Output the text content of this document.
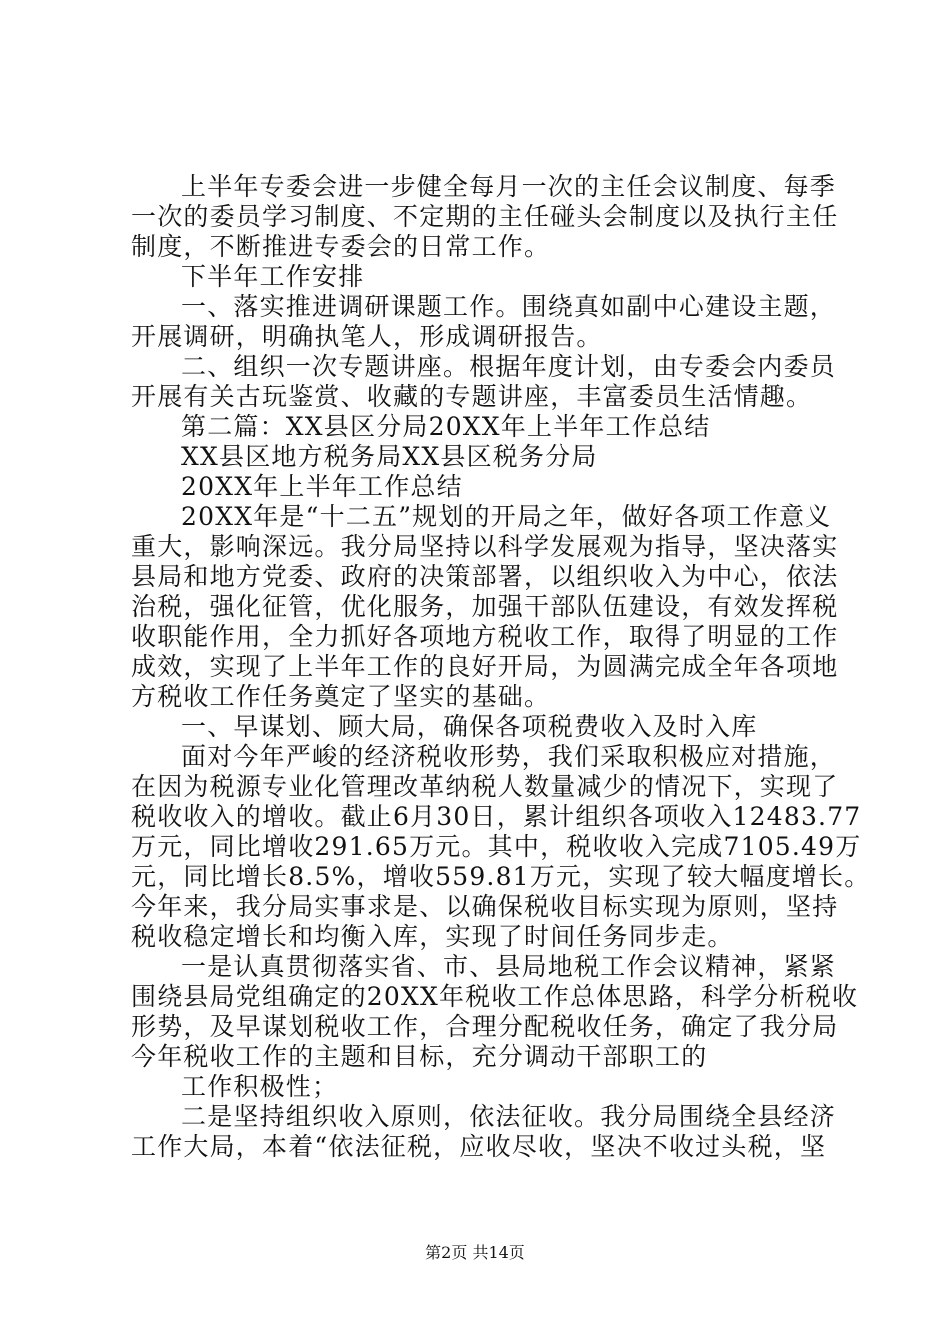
上半年专委会进一步健全每月一次的主任会议制度、每季
一次的委员学习制度、不定期的主任碰头会制度以及执行主任
制度，不断推进专委会的日常工作。
下半年工作安排
一、落实推进调研课题工作。围绕真如副中心建设主题，
开展调研，明确执笔人，形成调研报告。
二、组织一次专题讲座。根据年度计划，由专委会内委员
开展有关古玩鉴赏、收藏的专题讲座，丰富委员生活情趣。
第二篇：XX县区分局20XX年上半年工作总结
XX县区地方税务局XX县区税务分局
20XX年上半年工作总结
20XX年是“十二五”规划的开局之年，做好各项工作意义
重大，影响深远。我分局坚持以科学发展观为指导，坚决落实
县局和地方党委、政府的决策部署，以组织收入为中心，依法
治税，强化征管，优化服务，加强干部队伍建设，有效发挥税
收职能作用，全力抓好各项地方税收工作，取得了明显的工作
成效，实现了上半年工作的良好开局，为圆满完成全年各项地
方税收工作任务奠定了坚实的基础。
一、早谋划、顾大局，确保各项税费收入及时入库
面对今年严峻的经济税收形势，我们采取积极应对措施，
在因为税源专业化管理改革纳税人数量减少的情况下，实现了
税收收入的增收。截止6月30日，累计组织各项收入12483.77
万元，同比增收291.65万元。其中，税收收入完成7105.49万
元，同比增长8.5%，增收559.81万元，实现了较大幅度增长。
今年来，我分局实事求是、以确保税收目标实现为原则，坚持
税收稳定增长和均衡入库，实现了时间任务同步走。
一是认真贯彻落实省、市、县局地税工作会议精神，紧紧
围绕县局党组确定的20XX年税收工作总体思路，科学分析税收
形势，及早谋划税收工作，合理分配税收任务，确定了我分局
今年税收工作的主题和目标，充分调动干部职工的
工作积极性；
二是坚持组织收入原则，依法征收。我分局围绕全县经济
工作大局，本着“依法征税，应收尽收，坚决不收过头税，坚
第2页 共14页
